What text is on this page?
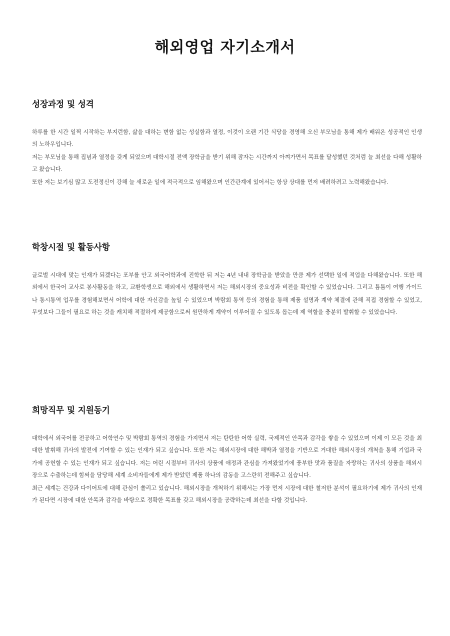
해외영업 자기소개서
성장과정 및 성격

하루를 한 시간 일찍 시작하는 부지런함, 삶을 대하는 변함 없는 성실함과 열정, 이것이 오랜 기간 식당을 경영해 오신 부모님을 통해 제가 배워온 성공적인 인생의 노하우입니다.

저는 부모님을 통해 집념과 열정을 갖게 되었으며 대학시절 전액 장학금을 받기 위해 잠자는 시간까지 아껴가면서 목표를 달성했던 것처럼 늘 최선을 다해 성활하고 왔습니다.

또한 저는 보기심 많고 도전정신이 강해 늘 새로운 일에 적극적으로 임해왔으며 인간관계에 있어서는 항상 상대를 먼저 배려하려고 노력해왔습니다.

학창시절 및 활동사항

글로벌 시대에 맞는 인재가 되겠다는 포부를 안고 외국어학과에 진학한 뒤 저는 4년 내내 장학금을 받았을 만큼 제가 선택한 일에 적업을 다해왔습니다. 또한 해외에서 한국어 교사로 봉사활동을 하고, 교환학생으로 해외에서 생활하면서 저는 해외시장의 중요성과 비전을 확인할 수 있었습니다. 그리고 틈틈이 여행 가이드나 통시통역 업무를 경험해보면서 어학에 대한 자신감을 높일 수 있었으며 박람회 통역 등의 경험을 통해 제품 설명과 계약 체결에 관해 직접 경험할 수 있었고, 무엇보다 그들이 필요로 하는 것을 캐치해 적절하게 제공함으로써 원만하게 계약이 이루어질 수 있도록 돕는데 제 역할을 충분히 발휘할 수 있었습니다.

희망직무 및 지원동기

대학에서 외국어를 전공하고 어학연수 및 박람회 통역의 경험을 가지면서 저는 탄탄한 어학 실력, 국제적인 안목과 감각을 쌓을 수 있었으며 이제 이 모든 것을 최대한 발휘해 귀사의 발전에 기여할 수 있는 인재가 되고 싶습니다. 또한 저는 해외시장에 대한 해박과 열정을 기반으로 거대한 해외시장의 개척을 통해 기업과 국가에 공헌할 수 있는 인재가 되고 싶습니다. 저는 어린 시절부터 귀사의 상품에 애정과 관심을 가져왔었기에 풍부한 맛과 품질을 자랑하는 귀사의 상품을 해외시장으로 수출하는데 힘써을 담당해 세계 소비자들에게 제가 받았던 제품 하나의 감동을 고스란히 전해주고 싶습니다.

최근 세계는 건강과 다이어트에 대해 관심이 쏠리고 있습니다. 해외시장을 개척하기 위해서는 가장 먼저 시장에 대한 철저한 분석이 필요하기에 제가 귀사의 인재가 된다면 시장에 대한 안목과 감각을 바탕으로 정확한 목표를 갖고 해외시장을 공략하는데 최선을 다할 것입니다.
